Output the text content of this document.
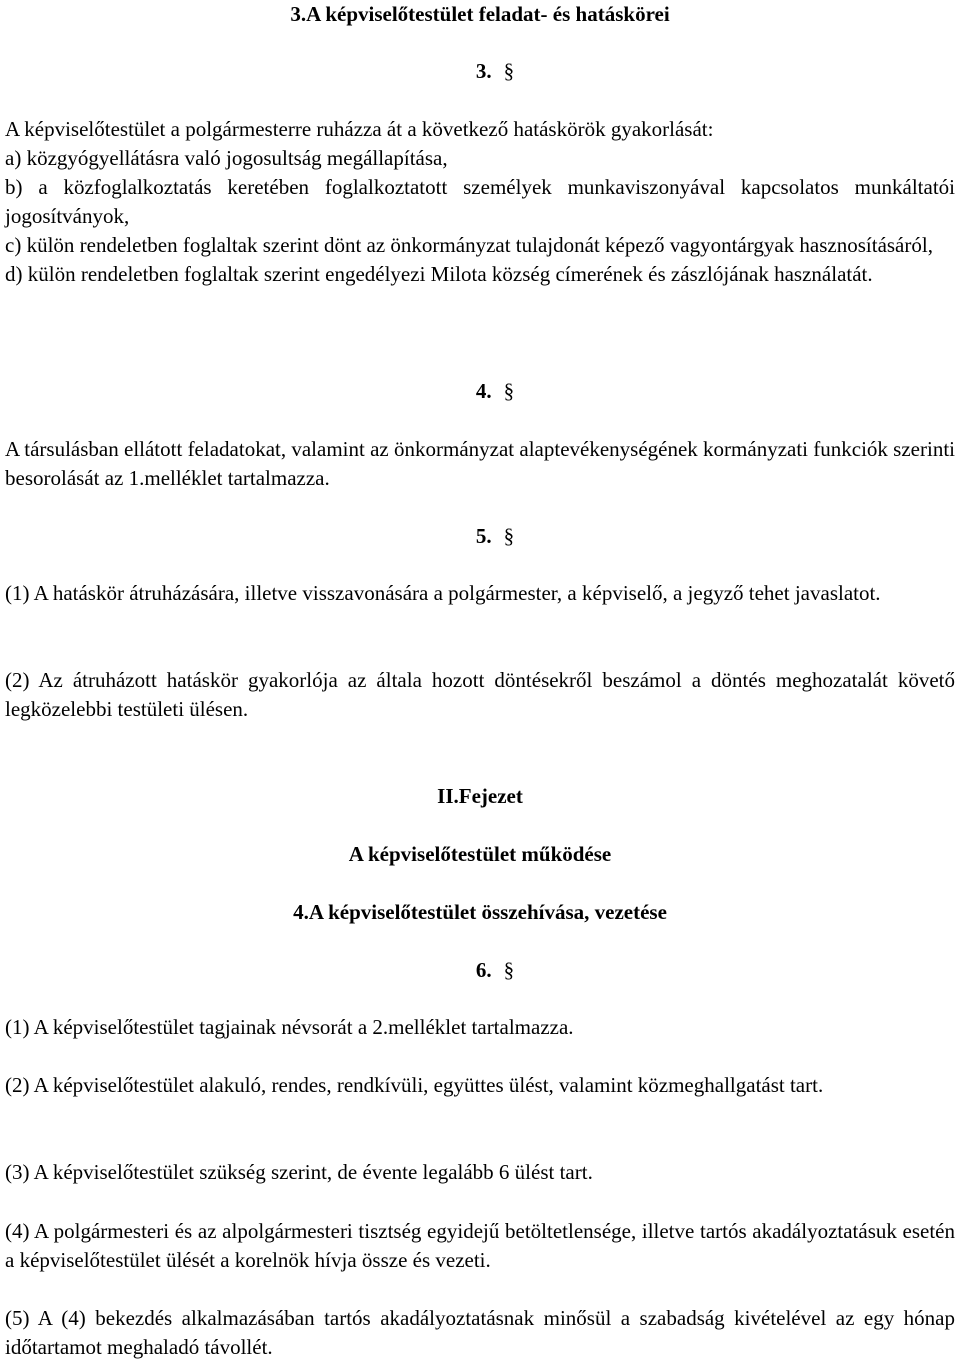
3.A képviselőtestület feladat- és hatáskörei
3. §

A képviselőtestület a polgármesterre ruházza át a következő hatáskörök gyakorlását:

a) közgyógyellátásra való jogosultság megállapítása,

b) a közfoglalkoztatás keretében foglalkoztatott személyek munkaviszonyával kapcsolatos munkáltatói jogosítványok,

c) külön rendeletben foglaltak szerint dönt az önkormányzat tulajdonát képező vagyontárgyak hasznosításáról,

d) külön rendeletben foglaltak szerint engedélyezi Milota község címerének és zászlójának használatát.

4. §

A társulásban ellátott feladatokat, valamint az önkormányzat alaptevékenységének kormányzati funkciók szerinti besorolását az 1.melléklet tartalmazza.

5. §

(1) A hatáskör átruházására, illetve visszavonására a polgármester, a képviselő, a jegyző tehet javaslatot.

(2) Az átruházott hatáskör gyakorlója az általa hozott döntésekről beszámol a döntés meghozatalát követő legközelebbi testületi ülésen.

II.Fejezet
A képviselőtestület működése
4.A képviselőtestület összehívása, vezetése
6. §

(1) A képviselőtestület tagjainak névsorát a 2.melléklet tartalmazza.

(2) A képviselőtestület alakuló, rendes, rendkívüli, együttes ülést, valamint közmeghallgatást tart.

(3) A képviselőtestület szükség szerint, de évente legalább 6 ülést tart.

(4) A polgármesteri és az alpolgármesteri tisztség egyidejű betöltetlensége, illetve tartós akadályoztatásuk esetén a képviselőtestület ülését a korelnök hívja össze és vezeti.

(5) A (4) bekezdés alkalmazásában tartós akadályoztatásnak minősül a szabadság kivételével az egy hónap időtartamot meghaladó távollét.
